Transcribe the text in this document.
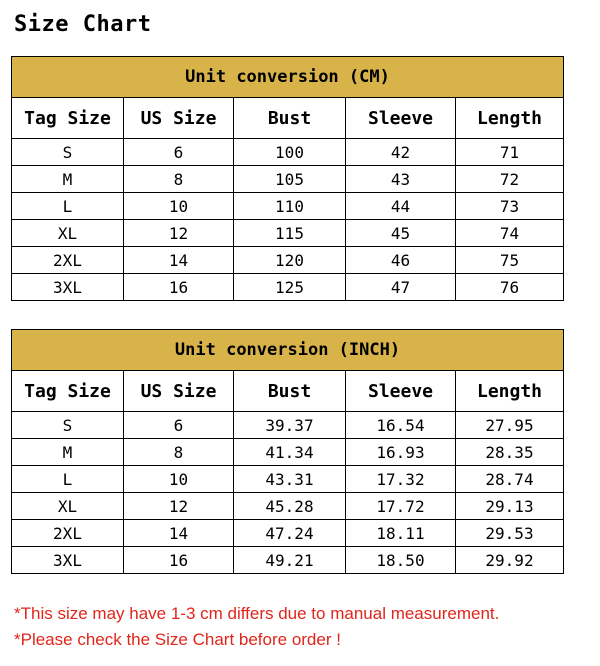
Size Chart
Unit conversion (CM)				
Tag Size	US Size	Bust	Sleeve	Length
S	6	100	42	71
M	8	105	43	72
L	10	110	44	73
XL	12	115	45	74
2XL	14	120	46	75
3XL	16	125	47	76
Unit conversion (INCH)				
Tag Size	US Size	Bust	Sleeve	Length
S	6	39.37	16.54	27.95
M	8	41.34	16.93	28.35
L	10	43.31	17.32	28.74
XL	12	45.28	17.72	29.13
2XL	14	47.24	18.11	29.53
3XL	16	49.21	18.50	29.92
*This size may have 1-3 cm differs due to manual measurement.
*Please check the Size Chart before order !
